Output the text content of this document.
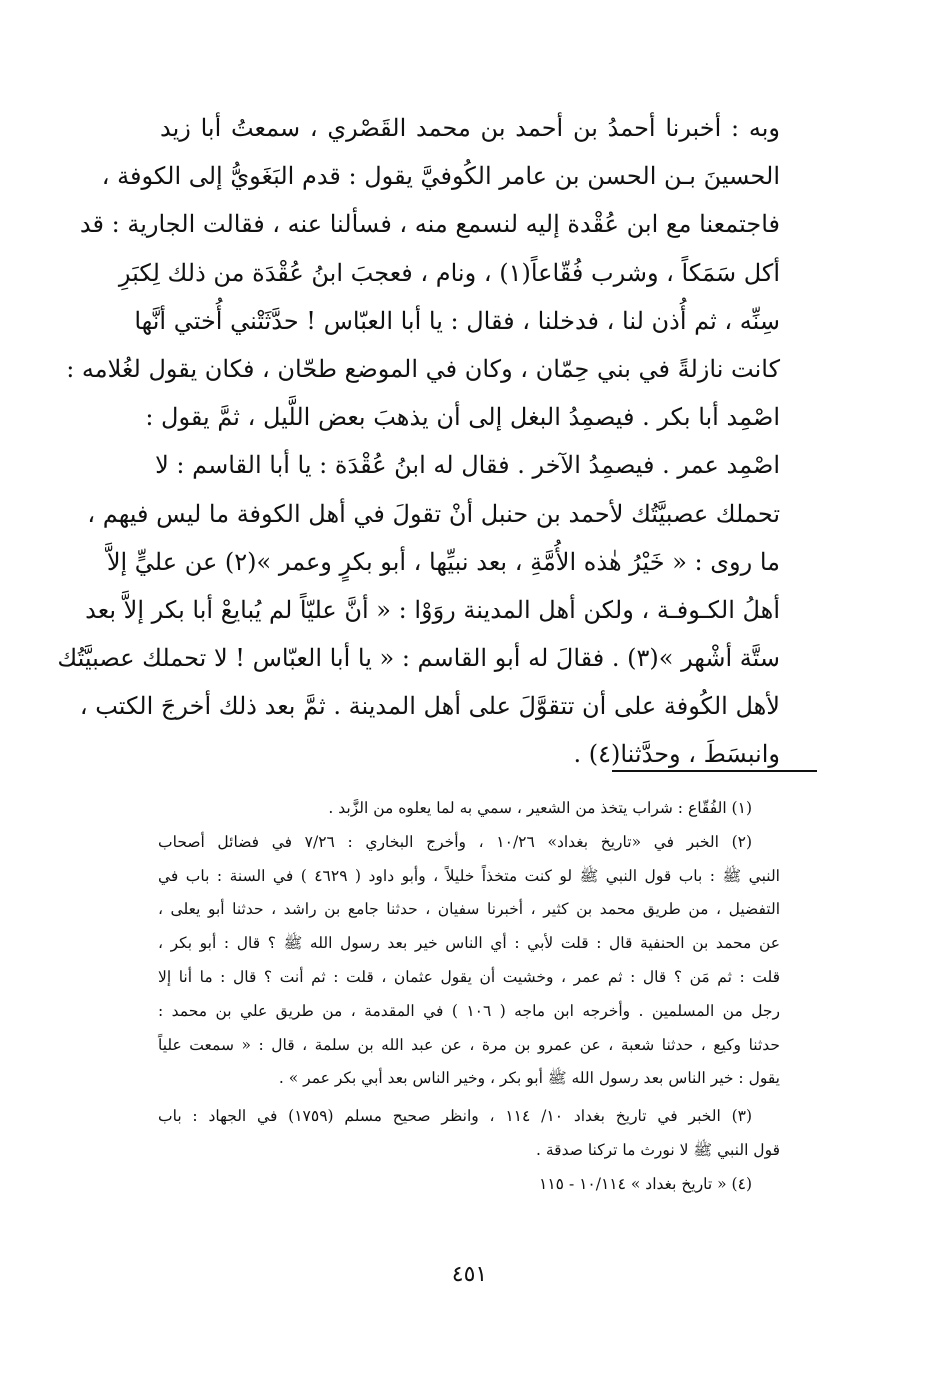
وبه : أخبرنا أحمدُ بن أحمد بن محمد القَصْري ، سمعتُ أبا زيد
الحسينَ بـن الحسن بن عامر الكُوفيَّ يقول : قدم البَغَويُّ إلى الكوفة ،
فاجتمعنا مع ابن عُقْدة إليه لنسمع منه ، فسألنا عنه ، فقالت الجارية : قد
أكل سَمَكاً ، وشرب فُقّاعاً(١) ، ونام ، فعجبَ ابنُ عُقْدَة من ذلك لِكبَرِ
سِنِّه ، ثم أُذن لنا ، فدخلنا ، فقال : يا أبا العبّاس ! حدَّثَتْني أُختي أنَّها
كانت نازلةً في بني حِمّان ، وكان في الموضع طحّان ، فكان يقول لغُلامه :
اصْمِد أبا بكر . فيصمِدُ البغل إلى أن يذهبَ بعض اللَّيل ، ثمَّ يقول :
اصْمِد عمر . فيصمِدُ الآخر . فقال له ابنُ عُقْدَة : يا أبا القاسم : لا
تحملك عصبيَّتُك لأحمد بن حنبل أنْ تقولَ في أهل الكوفة ما ليس فيهم ،
ما روى : « خَيْرُ هٰذه الأُمَّةِ ، بعد نبيِّها ، أبو بكرٍ وعمر »(٢) عن عليٍّ إلاَّ
أهلُ الكـوفـة ، ولكن أهل المدينة روَوْا : « أنَّ عليّاً لم يُبايعْ أبا بكر إلاَّ بعد
ستَّة أشْهر »(٣) . فقالَ له أبو القاسم : « يا أبا العبّاس ! لا تحملك عصبيَّتُك
لأهل الكُوفة على أن تتقوَّلَ على أهل المدينة . ثمَّ بعد ذلك أخرجَ الكتب ،
وانبسَطَ ، وحدَّثنا(٤) .
(١) الفُقّاع : شراب يتخذ من الشعير ، سمي به لما يعلوه من الزَّبد .
(٢) الخبر في «تاريخ بغداد» ١٠/٢٦ ، وأخرج البخاري : ٧/٢٦ في فضائل أصحاب
النبي ﷺ : باب قول النبي ﷺ لو كنت متخذاً خليلاً ، وأبو داود ( ٤٦٢٩ ) في السنة : باب في
التفضيل ، من طريق محمد بن كثير ، أخبرنا سفيان ، حدثنا جامع بن راشد ، حدثنا أبو يعلى ،
عن محمد بن الحنفية قال : قلت لأبي : أي الناس خير بعد رسول الله ﷺ ؟ قال : أبو بكر ،
قلت : ثم مَن ؟ قال : ثم عمر ، وخشيت أن يقول عثمان ، قلت : ثم أنت ؟ قال : ما أنا إلا
رجل من المسلمين . وأخرجه ابن ماجه ( ١٠٦ ) في المقدمة ، من طريق علي بن محمد :
حدثنا وكيع ، حدثنا شعبة ، عن عمرو بن مرة ، عن عبد الله بن سلمة ، قال : « سمعت علياً
يقول : خير الناس بعد رسول الله ﷺ أبو بكر ، وخير الناس بعد أبي بكر عمر » .
(٣) الخبر في تاريخ بغداد ١٠/ ١١٤ ، وانظر صحيح مسلم (١٧٥٩) في الجهاد : باب
قول النبي ﷺ لا نورث ما تركنا صدقة .
(٤) « تاريخ بغداد » ١٠/١١٤ - ١١٥
٤٥١
